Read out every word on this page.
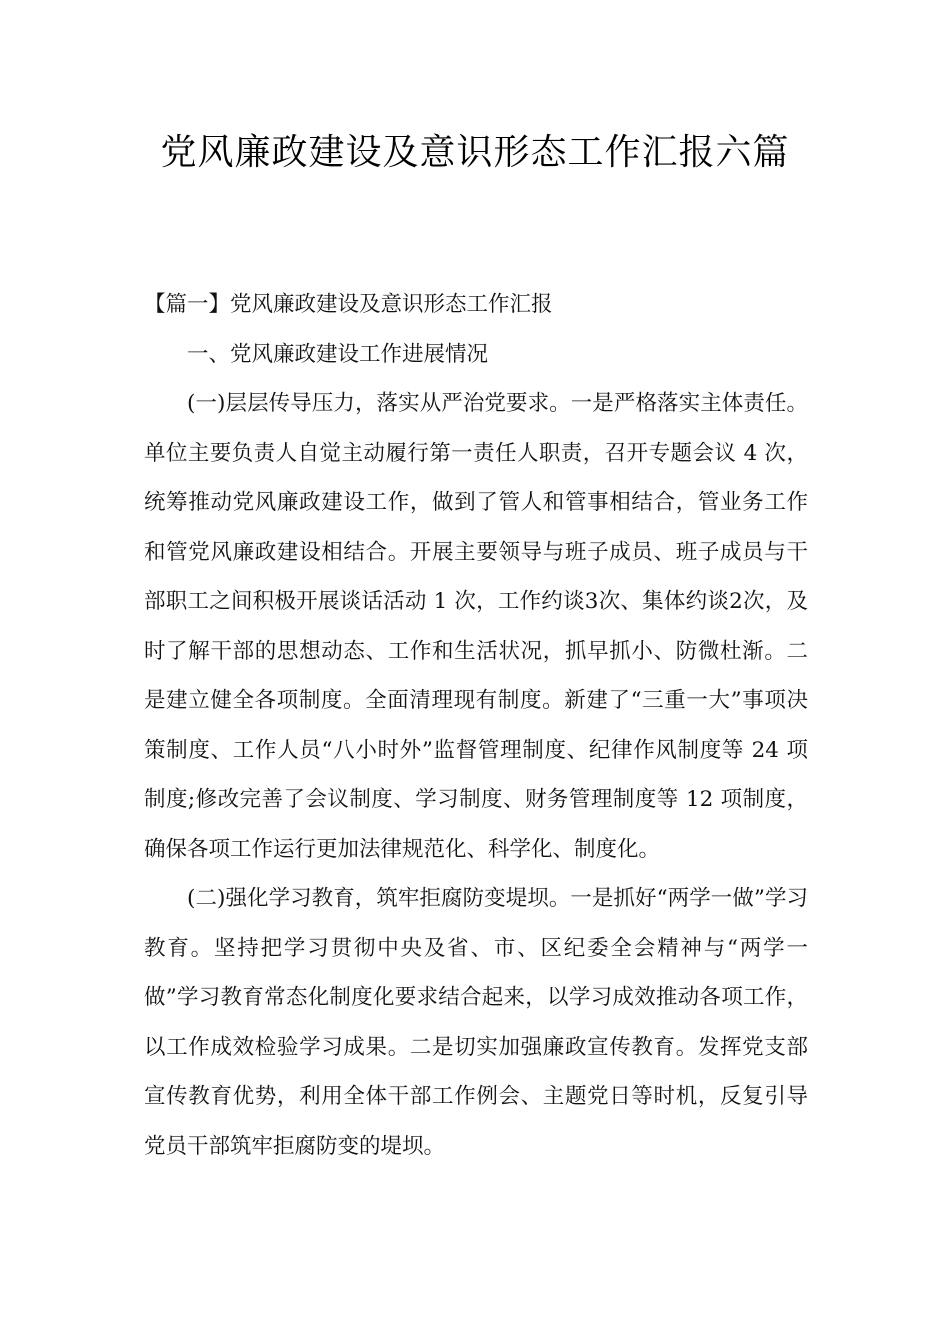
党风廉政建设及意识形态工作汇报六篇

【篇一】党风廉政建设及意识形态工作汇报

一、党风廉政建设工作进展情况

(一)层层传导压力，落实从严治党要求。一是严格落实主体责任。单位主要负责人自觉主动履行第一责任人职责，召开专题会议 4 次，统筹推动党风廉政建设工作，做到了管人和管事相结合，管业务工作和管党风廉政建设相结合。开展主要领导与班子成员、班子成员与干部职工之间积极开展谈话活动 1 次，工作约谈3次、集体约谈2次，及时了解干部的思想动态、工作和生活状况，抓早抓小、防微杜渐。二是建立健全各项制度。全面清理现有制度。新建了“三重一大”事项决策制度、工作人员“八小时外”监督管理制度、纪律作风制度等 24 项制度;修改完善了会议制度、学习制度、财务管理制度等 12 项制度，确保各项工作运行更加法律规范化、科学化、制度化。

(二)强化学习教育，筑牢拒腐防变堤坝。一是抓好“两学一做”学习教育。坚持把学习贯彻中央及省、市、区纪委全会精神与“两学一做”学习教育常态化制度化要求结合起来，以学习成效推动各项工作，以工作成效检验学习成果。二是切实加强廉政宣传教育。发挥党支部宣传教育优势，利用全体干部工作例会、主题党日等时机，反复引导党员干部筑牢拒腐防变的堤坝。
